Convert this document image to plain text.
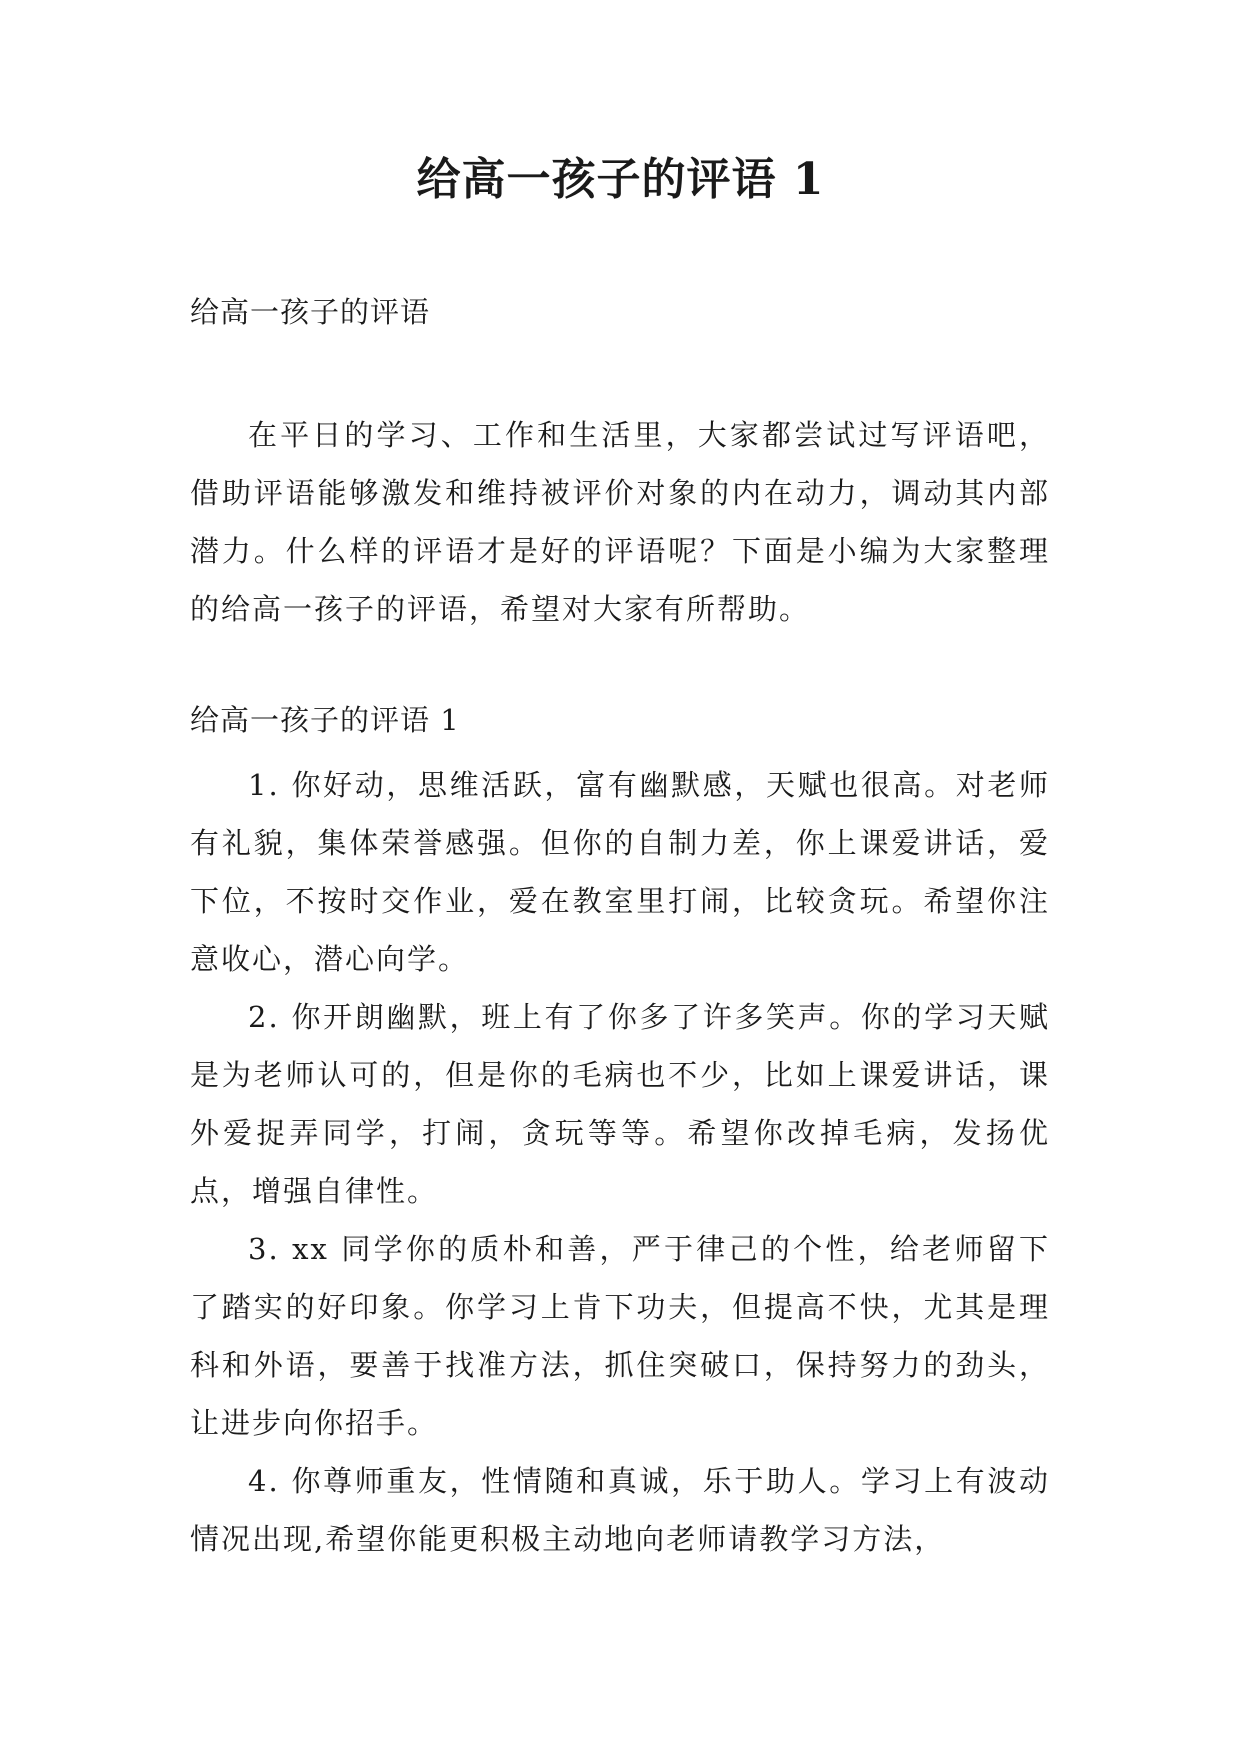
给高一孩子的评语 1
给高一孩子的评语

在平日的学习、工作和生活里，大家都尝试过写评语吧，借助评语能够激发和维持被评价对象的内在动力，调动其内部潜力。什么样的评语才是好的评语呢？下面是小编为大家整理的给高一孩子的评语，希望对大家有所帮助。

给高一孩子的评语 1

1. 你好动，思维活跃，富有幽默感，天赋也很高。对老师有礼貌，集体荣誉感强。但你的自制力差，你上课爱讲话，爱下位，不按时交作业，爱在教室里打闹，比较贪玩。希望你注意收心，潜心向学。

2. 你开朗幽默，班上有了你多了许多笑声。你的学习天赋是为老师认可的，但是你的毛病也不少，比如上课爱讲话，课外爱捉弄同学，打闹，贪玩等等。希望你改掉毛病，发扬优点，增强自律性。

3. xx 同学你的质朴和善，严于律己的个性，给老师留下了踏实的好印象。你学习上肯下功夫，但提高不快，尤其是理科和外语，要善于找准方法，抓住突破口，保持努力的劲头，让进步向你招手。

4. 你尊师重友，性情随和真诚，乐于助人。学习上有波动情况出现,希望你能更积极主动地向老师请教学习方法，
